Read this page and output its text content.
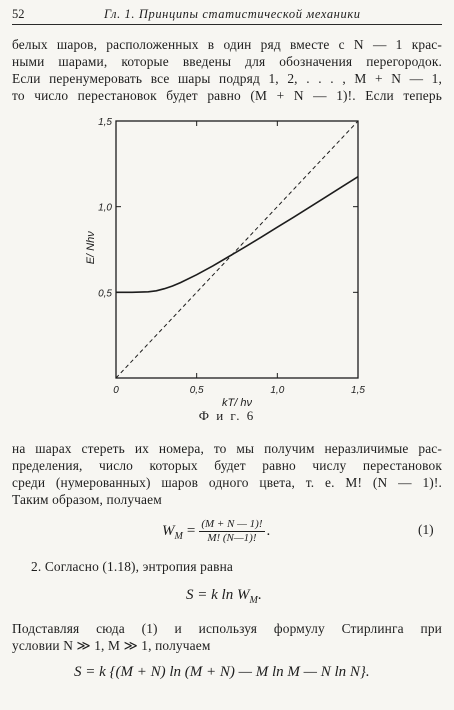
52	Гл. 1. Принципы статистической механики
белых шаров, расположенных в один ряд вместе с N — 1 крас-
ными шарами, которые введены для обозначения перегородок.
Если перенумеровать все шары подряд 1, 2, . . . , M + N — 1,
то число перестановок будет равно (M + N — 1)!. Если теперь
0,5	1,0	1,5
0
0,5
1,0
1,5
kT/ hν
E/ Nhν
Ф и г. 6
на шарах стереть их номера, то мы получим неразличимые рас-
пределения, число которых будет равно числу перестановок
среди (нумерованных) шаров одного цвета, т. е. M! (N — 1)!.
Таким образом, получаем
W M = (M + N — 1)!
M! (N—1)! .	(1)
2. Согласно (1.18), энтропия равна
S = k $\ln W_M$.
Подставляя сюда (1) и используя формулу Стирлинга при
условии N ≫ 1, M ≫ 1, получаем
S = k {(M + N) ln (M + N) — M ln M — N ln N}.
